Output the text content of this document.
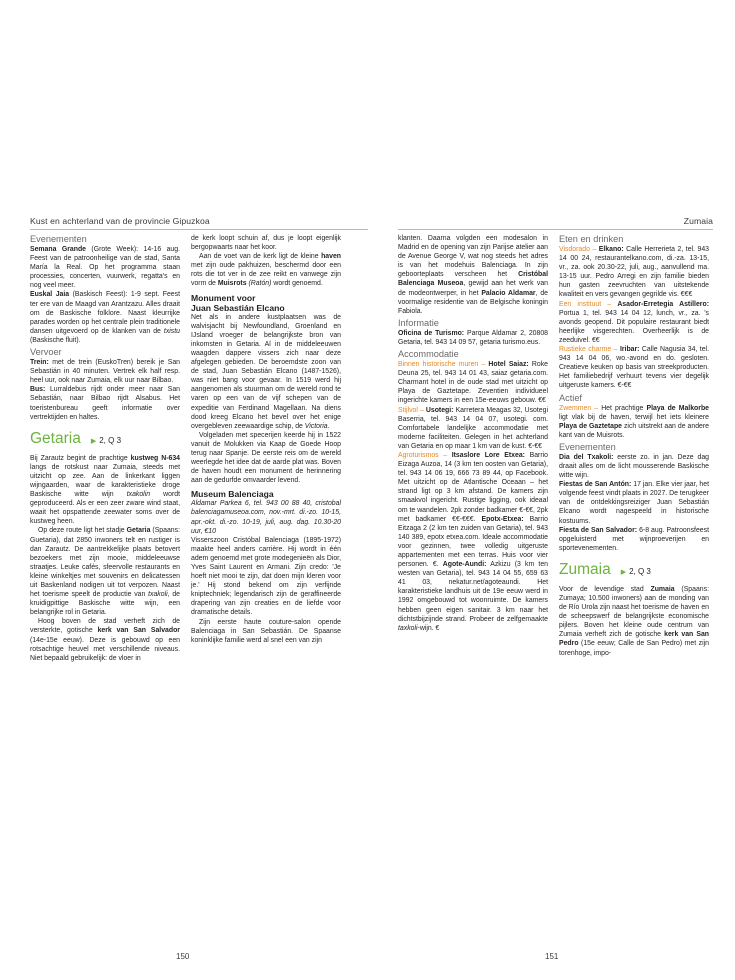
Kust en achterland van de provincie Gipuzkoa	Zumaia
Evenementen

Semana Grande (Grote Week): 14-16 aug. Feest van de patroonheilige van de stad, Santa María la Real. Op het programma staan processies, concerten, vuurwerk, regatta's en nog veel meer.

Euskal Jaia (Baskisch Feest): 1-9 sept. Feest ter ere van de Maagd van Arantzazu. Alles draait om de Baskische folklore. Naast kleurrijke parades worden op het centrale plein traditionele dansen uitgevoerd op de klanken van de txistu (Baskische fluit).

Vervoer

Trein: met de trein (EuskoTren) bereik je San Sebastián in 40 minuten. Vertrek elk half resp. heel uur, ook naar Zumaia, elk uur naar Bilbao.

Bus: Lurraldebus rijdt onder meer naar San Sebastián, naar Bilbao rijdt Alsabus. Het toeristenbureau geeft informatie over vertrektijden en haltes.

Getaria ▶ 2, Q 3

Bij Zarautz begint de prachtige kustweg N-634 langs de rotskust naar Zumaia, steeds met uitzicht op zee. Aan de linkerkant liggen wijngaarden, waar de karakteristieke droge Baskische witte wijn txakolin wordt geproduceerd. Als er een zeer zware wind staat, waait het opspattende zeewater soms over de kustweg heen.

Op deze route ligt het stadje Getaria (Spaans: Guetaria), dat 2850 inwoners telt en rustiger is dan Zarautz. De aantrekkelijke plaats betovert bezoekers met zijn mooie, middeleeuwse straatjes. Leuke cafés, sfeervolle restaurants en kleine winkeltjes met souvenirs en delicatessen uit Baskenland nodigen uit tot verpozen. Naast het toerisme speelt de productie van txakoli, de kruidigpittige Baskische witte wijn, een belangrijke rol in Getaria.

Hoog boven de stad verheft zich de versterkte, gotische kerk van San Salvador (14e-15e eeuw). Deze is gebouwd op een rotsachtige heuvel met verschillende niveaus. Niet bepaald gebruikelijk: de vloer in

de kerk loopt schuin af, dus je loopt eigenlijk bergopwaarts naar het koor.

Aan de voet van de kerk ligt de kleine haven met zijn oude pakhuizen, beschermd door een rots die tot ver in de zee reikt en vanwege zijn vorm de Muisrots (Ratón) wordt genoemd.

Monument voor
Juan Sebastián Elcano

Net als in andere kustplaatsen was de walvisjacht bij Newfoundland, Groenland en IJsland vroeger de belangrijkste bron van inkomsten in Getaria. Al in de middeleeuwen waagden dappere vissers zich naar deze afgelegen gebieden. De beroemdste zoon van de stad, Juan Sebastián Elcano (1487-1526), was niet bang voor gevaar. In 1519 werd hij aangenomen als stuurman om de wereld rond te varen op een van de vijf schepen van de expeditie van Ferdinand Magellaan. Na diens dood kreeg Elcano het bevel over het enige overgebleven zeewaardige schip, de Victoria.

Volgeladen met specerijen keerde hij in 1522 vanuit de Molukken via Kaap de Goede Hoop terug naar Spanje. De eerste reis om de wereld weerlegde het idee dat de aarde plat was. Boven de haven houdt een monument de herinnering aan de gedurfde omvaarder levend.

Museum Balenciaga

Aldamar Parkea 6, tel. 943 00 88 40, cristobal balenciagamuseoa.com, nov.-mrt. di.-zo. 10-15, apr.-okt. di.-zo. 10-19, juli, aug. dag. 10.30-20 uur, €10

Visserszoon Cristóbal Balenciaga (1895-1972) maakte heel anders carrière. Hij wordt in één adem genoemd met grote modegenieën als Dior, Yves Saint Laurent en Armani. Zijn credo: 'Je hoeft niet mooi te zijn, dat doen mijn kleren voor je.' Hij stond bekend om zijn verfijnde kniptechniek; legendarisch zijn de geraffineerde drapering van zijn creaties en de liefde voor dramatische details.

Zijn eerste haute couture-salon opende Balenciaga in San Sebastián. De Spaanse koninklijke familie werd al snel een van zijn

klanten. Daarna volgden een modesalon in Madrid en de opening van zijn Parijse atelier aan de Avenue George V, wat nog steeds het adres is van het modehuis Balenciaga. In zijn geboorteplaats verscheen het Cristóbal Balenciaga Museoa, gewijd aan het werk van de modeontwerper, in het Palacio Aldamar, de voormalige residentie van de Belgische koningin Fabiola.

Informatie

Oficina de Turismo: Parque Aldamar 2, 20808 Getaria, tel. 943 14 09 57, getaria turismo.eus.

Accommodatie

Binnen historische muren – Hotel Saiaz: Roke Deuna 25, tel. 943 14 01 43, saiaz getaria.com. Charmant hotel in de oude stad met uitzicht op Playa de Gaztetape. Zeventien individueel ingerichte kamers in een 15e-eeuws gebouw. €€

Stijlvol – Usotegi: Karretera Meagas 32, Usotegi Baserria, tel. 943 14 04 07, usotegi. com. Comfortabele landelijke accommodatie met moderne faciliteiten. Gelegen in het achterland van Getaria en op maar 1 km van de kust. €-€€

Agroturismos – Itsaslore Lore Etxea: Barrio Eizaga Auzoa, 14 (3 km ten oosten van Getaria), tel. 943 14 06 19, 666 73 89 44, op Facebook. Met uitzicht op de Atlantische Oceaan – het strand ligt op 3 km afstand. De kamers zijn smaakvol ingericht. Rustige ligging, ook ideaal om te wandelen. 2pk zonder badkamer €-€€, 2pk met badkamer €€-€€€. Epotx-Etxea: Barrio Eitzaga 2 (2 km ten zuiden van Getaria), tel. 943 140 389, epotx etxea.com. Ideale accommodatie voor gezinnen, twee volledig uitgeruste appartementen met een terras. Huis voor vier personen. €. Agote-Aundi: Azkizu (3 km ten westen van Getaria), tel. 943 14 04 55, 659 63 41 03, nekatur.net/agoteaundi. Het karakteristieke landhuis uit de 19e eeuw werd in 1992 omgebouwd tot woonruimte. De kamers hebben geen eigen sanitair. 3 km naar het dichtstbijzijnde strand. Probeer de zelfgemaakte taxkoli-wijn. €

Eten en drinken

Visdorado – Elkano: Calle Herrerieta 2, tel. 943 14 00 24, restaurantelkano.com, di.-za. 13-15, vr., za. ook 20.30-22, juli, aug., aanvullend ma. 13-15 uur. Pedro Arregi en zijn familie bieden hun gasten zeevruchten van uitstekende kwaliteit en vers gevangen gegrilde vis. €€€

Een instituut – Asador-Erretegia Astillero: Portua 1, tel. 943 14 04 12, lunch, vr., za. 's avonds geopend. Dit populaire restaurant biedt heerlijke visgerechten. Overheerlijk is de zeeduivel. €€

Rustieke charme – Iribar: Calle Nagusia 34, tel. 943 14 04 06, wo.-avond en do. gesloten. Creatieve keuken op basis van streekproducten. Het familiebedrijf verhuurt tevens vier degelijk uitgeruste kamers. €-€€

Actief

Zwemmen – Het prachtige Playa de Malkorbe ligt vlak bij de haven, terwijl het iets kleinere Playa de Gaztetape zich uitstrekt aan de andere kant van de Muisrots.

Evenementen

Dia del Txakoli: eerste zo. in jan. Deze dag draait alles om de licht mousserende Baskische witte wijn.

Fiestas de San Antón: 17 jan. Elke vier jaar, het volgende feest vindt plaats in 2027. De terugkeer van de ontdekkingsreiziger Juan Sebastián Elcano wordt nagespeeld in historische kostuums.

Fiesta de San Salvador: 6-8 aug. Patroonsfeest opgeluisterd met wijnproeverijen en sportevenementen.

Zumaia ▶ 2, Q 3

Voor de levendige stad Zumaia (Spaans: Zumaya; 10.500 inwoners) aan de monding van de Río Urola zijn naast het toerisme de haven en de scheepswerf de belangrijkste economische pijlers. Boven het kleine oude centrum van Zumaia verheft zich de gotische kerk van San Pedro (15e eeuw; Calle de San Pedro) met zijn torenhoge, impo-

150	151
